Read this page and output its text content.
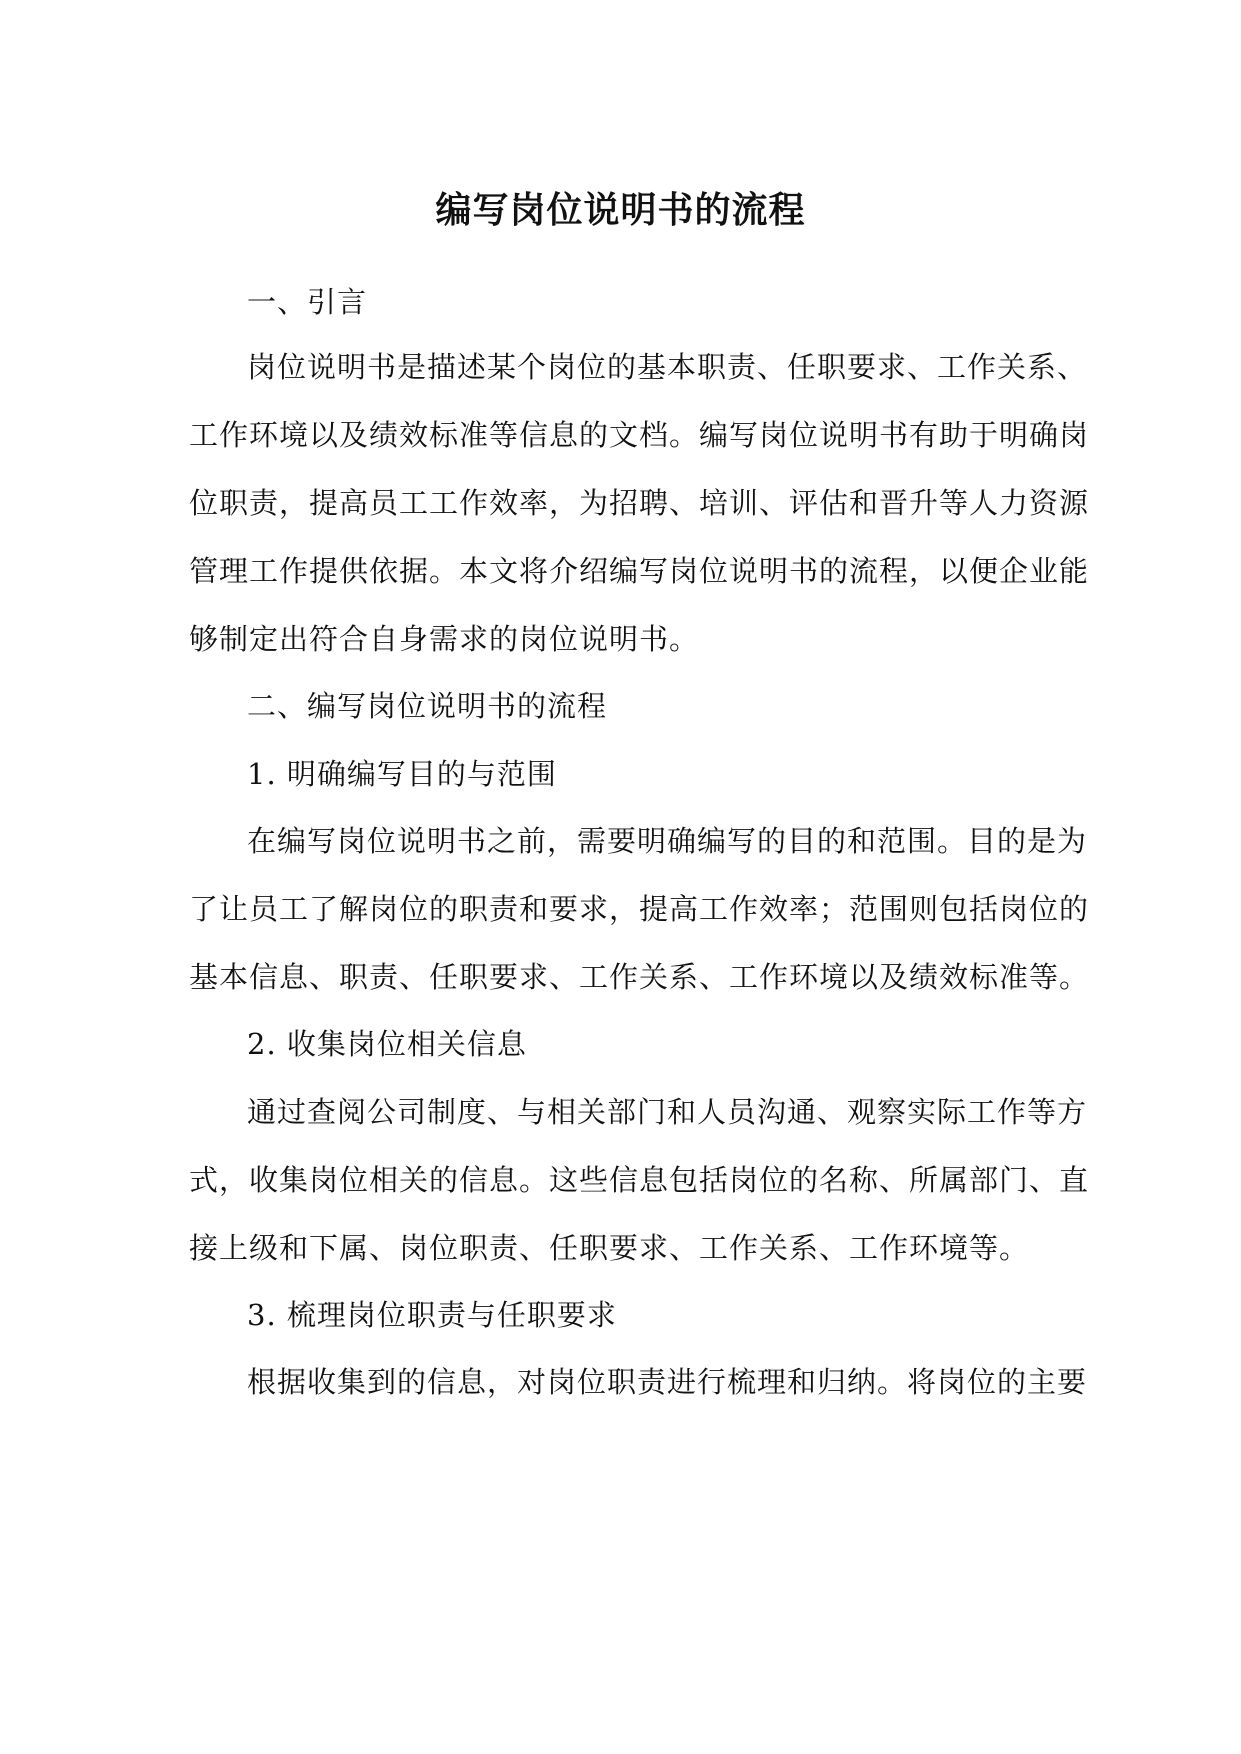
编写岗位说明书的流程
一、引言
岗位说明书是描述某个岗位的基本职责、任职要求、工作关系、
工作环境以及绩效标准等信息的文档。编写岗位说明书有助于明确岗
位职责，提高员工工作效率，为招聘、培训、评估和晋升等人力资源
管理工作提供依据。本文将介绍编写岗位说明书的流程，以便企业能
够制定出符合自身需求的岗位说明书。
二、编写岗位说明书的流程
1. 明确编写目的与范围
在编写岗位说明书之前，需要明确编写的目的和范围。目的是为
了让员工了解岗位的职责和要求，提高工作效率；范围则包括岗位的
基本信息、职责、任职要求、工作关系、工作环境以及绩效标准等。
2. 收集岗位相关信息
通过查阅公司制度、与相关部门和人员沟通、观察实际工作等方
式，收集岗位相关的信息。这些信息包括岗位的名称、所属部门、直
接上级和下属、岗位职责、任职要求、工作关系、工作环境等。
3. 梳理岗位职责与任职要求
根据收集到的信息，对岗位职责进行梳理和归纳。将岗位的主要
